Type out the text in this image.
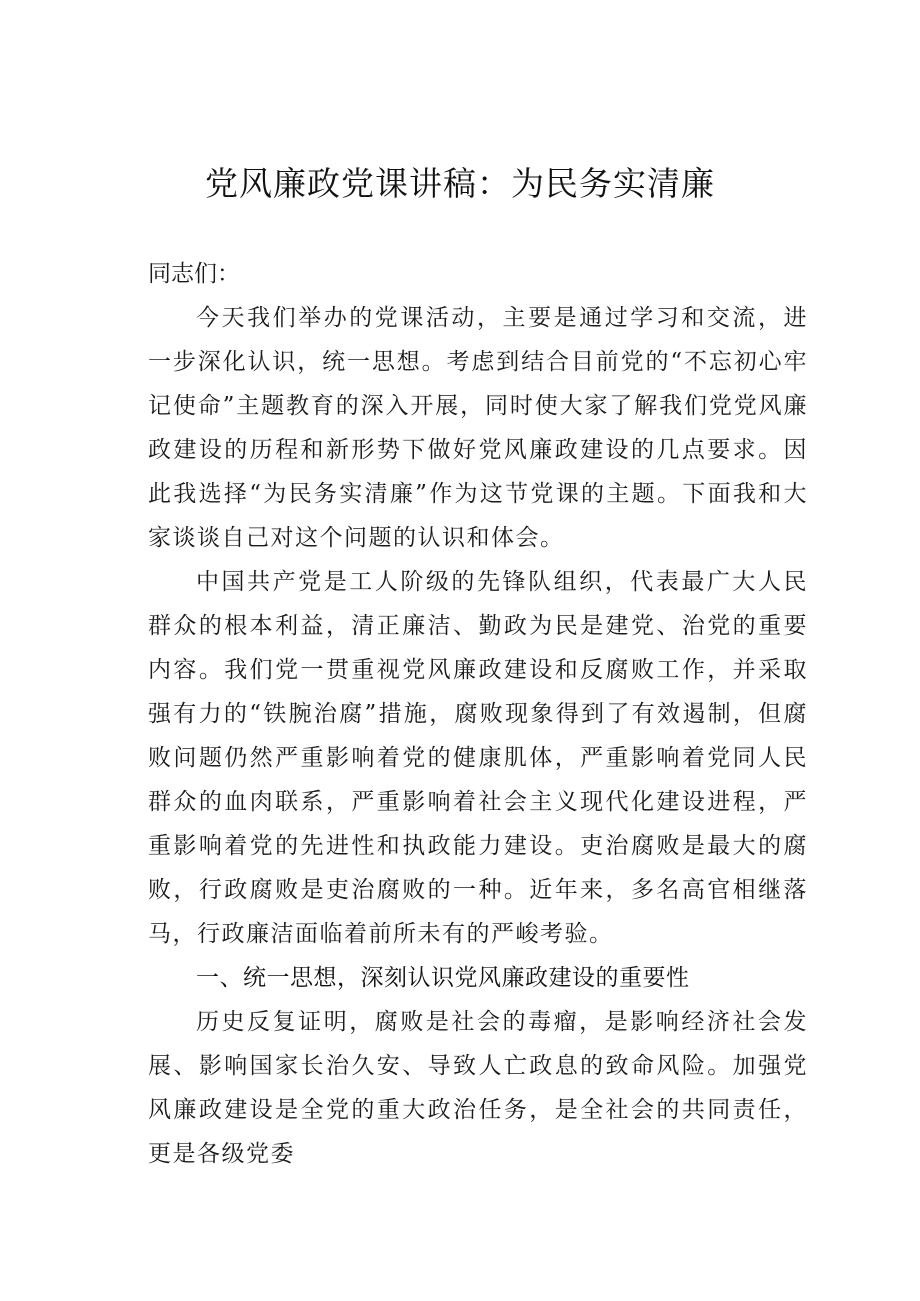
党风廉政党课讲稿：为民务实清廉

同志们：

今天我们举办的党课活动，主要是通过学习和交流，进一步深化认识，统一思想。考虑到结合目前党的“不忘初心牢记使命”主题教育的深入开展，同时使大家了解我们党党风廉政建设的历程和新形势下做好党风廉政建设的几点要求。因此我选择“为民务实清廉”作为这节党课的主题。下面我和大家谈谈自己对这个问题的认识和体会。

中国共产党是工人阶级的先锋队组织，代表最广大人民群众的根本利益，清正廉洁、勤政为民是建党、治党的重要内容。我们党一贯重视党风廉政建设和反腐败工作，并采取强有力的“铁腕治腐”措施，腐败现象得到了有效遏制，但腐败问题仍然严重影响着党的健康肌体，严重影响着党同人民群众的血肉联系，严重影响着社会主义现代化建设进程，严重影响着党的先进性和执政能力建设。吏治腐败是最大的腐败，行政腐败是吏治腐败的一种。近年来，多名高官相继落马，行政廉洁面临着前所未有的严峻考验。

一、统一思想，深刻认识党风廉政建设的重要性

历史反复证明，腐败是社会的毒瘤，是影响经济社会发展、影响国家长治久安、导致人亡政息的致命风险。加强党风廉政建设是全党的重大政治任务，是全社会的共同责任，更是各级党委
